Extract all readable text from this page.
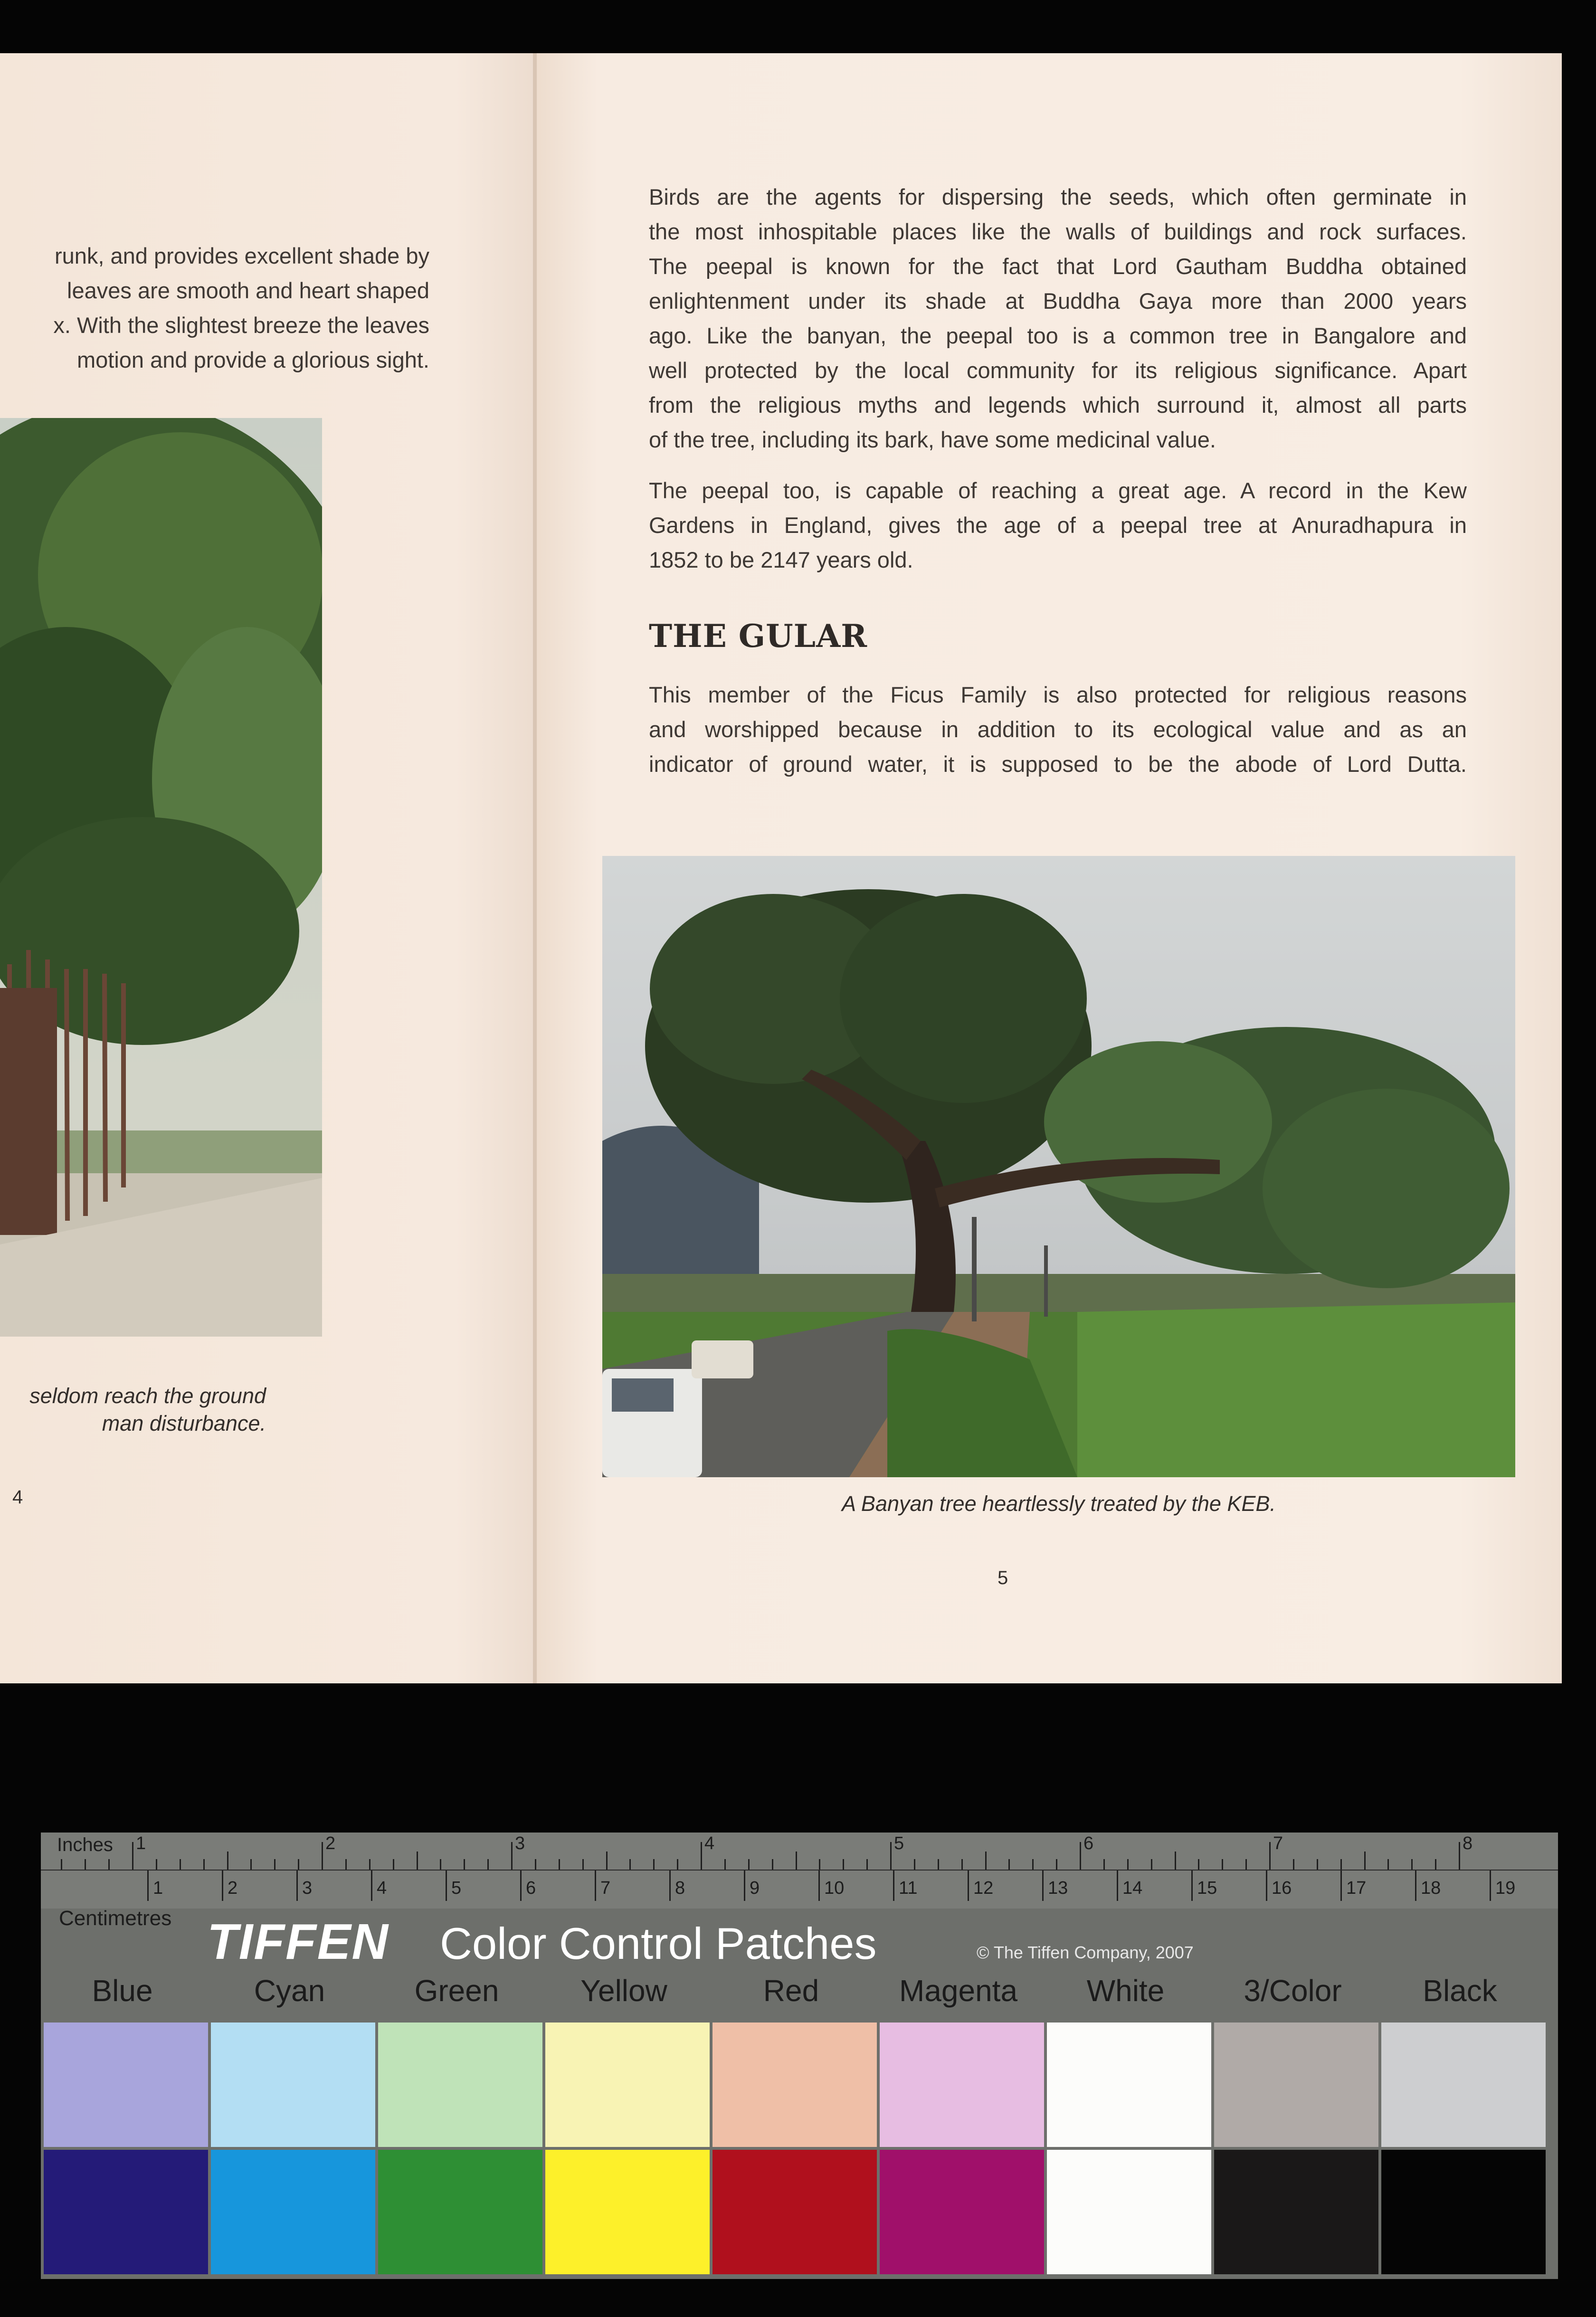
runk, and provides excellent shade by
leaves are smooth and heart shaped
x. With the slightest breeze the leaves
motion and provide a glorious sight.
seldom reach the ground
man disturbance.
4
Birds are the agents for dispersing the seeds, which often germinate in
the most inhospitable places like the walls of buildings and rock surfaces.
The peepal is known for the fact that Lord Gautham Buddha obtained
enlightenment under its shade at Buddha Gaya more than 2000 years
ago. Like the banyan, the peepal too is a common tree in Bangalore and
well protected by the local community for its religious significance. Apart
from the religious myths and legends which surround it, almost all parts
of the tree, including its bark, have some medicinal value.
The peepal too, is capable of reaching a great age. A record in the Kew
Gardens in England, gives the age of a peepal tree at Anuradhapura in
1852 to be 2147 years old.
THE GULAR
This member of the Ficus Family is also protected for religious reasons
and worshipped because in addition to its ecological value and as an
indicator of ground water, it is supposed to be the abode of Lord Dutta.
A Banyan tree heartlessly treated by the KEB.
5
Inches 1	2	3	4	5	6	7	8
1	2	3	4	5	6	7	8	9	10	11	12	13	14	15	16	17	18	19
Centimetres TIFFEN Color Control Patches	© The Tiffen Company, 2007
Blue	Cyan	Green	Yellow	Red	Magenta	White	3/Color	Black
